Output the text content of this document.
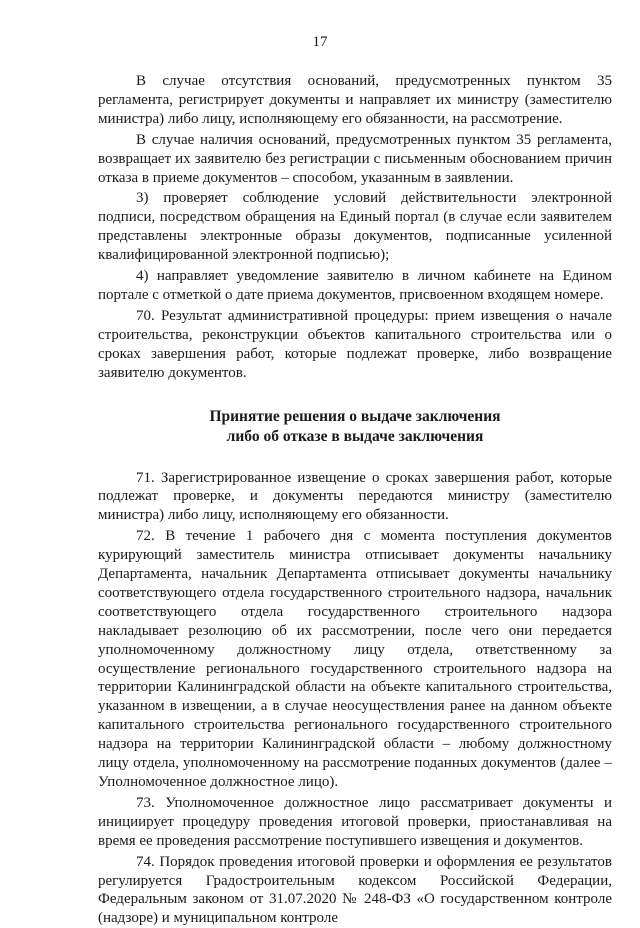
17

В случае отсутствия оснований, предусмотренных пунктом 35 регламента, регистрирует документы и направляет их министру (заместителю министра) либо лицу, исполняющему его обязанности, на рассмотрение.

В случае наличия оснований, предусмотренных пунктом 35 регламента, возвращает их заявителю без регистрации с письменным обоснованием причин отказа в приеме документов – способом, указанным в заявлении.

3) проверяет соблюдение условий действительности электронной подписи, посредством обращения на Единый портал (в случае если заявителем представлены электронные образы документов, подписанные усиленной квалифицированной электронной подписью);

4) направляет уведомление заявителю в личном кабинете на Едином портале с отметкой о дате приема документов, присвоенном входящем номере.

70. Результат административной процедуры: прием извещения о начале строительства, реконструкции объектов капитального строительства или о сроках завершения работ, которые подлежат проверке, либо возвращение заявителю документов.

Принятие решения о выдаче заключения
либо об отказе в выдаче заключения

71. Зарегистрированное извещение о сроках завершения работ, которые подлежат проверке, и документы передаются министру (заместителю министра) либо лицу, исполняющему его обязанности.

72. В течение 1 рабочего дня с момента поступления документов курирующий заместитель министра отписывает документы начальнику Департамента, начальник Департамента отписывает документы начальнику соответствующего отдела государственного строительного надзора, начальник соответствующего отдела государственного строительного надзора накладывает резолюцию об их рассмотрении, после чего они передается уполномоченному должностному лицу отдела, ответственному за осуществление регионального государственного строительного надзора на территории Калининградской области на объекте капитального строительства, указанном в извещении, а в случае неосуществления ранее на данном объекте капитального строительства регионального государственного строительного надзора на территории Калининградской области – любому должностному лицу отдела, уполномоченному на рассмотрение поданных документов (далее – Уполномоченное должностное лицо).

73. Уполномоченное должностное лицо рассматривает документы и инициирует процедуру проведения итоговой проверки, приостанавливая на время ее проведения рассмотрение поступившего извещения и документов.

74. Порядок проведения итоговой проверки и оформления ее результатов регулируется Градостроительным кодексом Российской Федерации, Федеральным законом от 31.07.2020 № 248-ФЗ «О государственном контроле (надзоре) и муниципальном контроле
